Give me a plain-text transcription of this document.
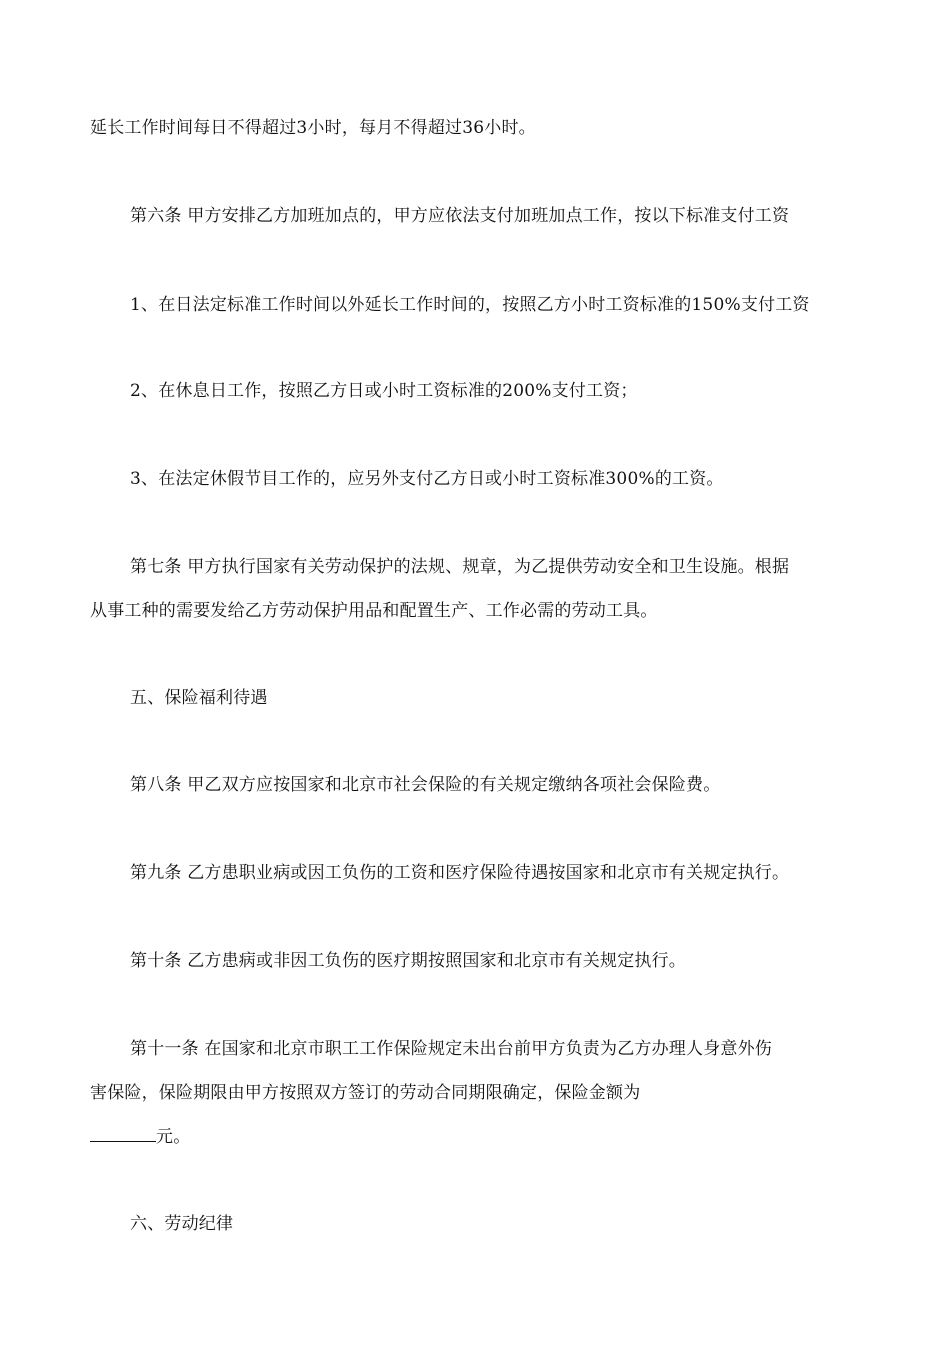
延长工作时间每日不得超过3小时，每月不得超过36小时。
第六条 甲方安排乙方加班加点的，甲方应依法支付加班加点工作，按以下标准支付工资
1、在日法定标准工作时间以外延长工作时间的，按照乙方小时工资标准的150%支付工资
2、在休息日工作，按照乙方日或小时工资标准的200%支付工资；
3、在法定休假节目工作的，应另外支付乙方日或小时工资标准300%的工资。
第七条 甲方执行国家有关劳动保护的法规、规章，为乙提供劳动安全和卫生设施。根据
从事工种的需要发给乙方劳动保护用品和配置生产、工作必需的劳动工具。
五、保险福利待遇
第八条 甲乙双方应按国家和北京市社会保险的有关规定缴纳各项社会保险费。
第九条 乙方患职业病或因工负伤的工资和医疗保险待遇按国家和北京市有关规定执行。
第十条 乙方患病或非因工负伤的医疗期按照国家和北京市有关规定执行。
第十一条 在国家和北京市职工工作保险规定未出台前甲方负责为乙方办理人身意外伤
害保险，保险期限由甲方按照双方签订的劳动合同期限确定，保险金额为
元。
六、劳动纪律
